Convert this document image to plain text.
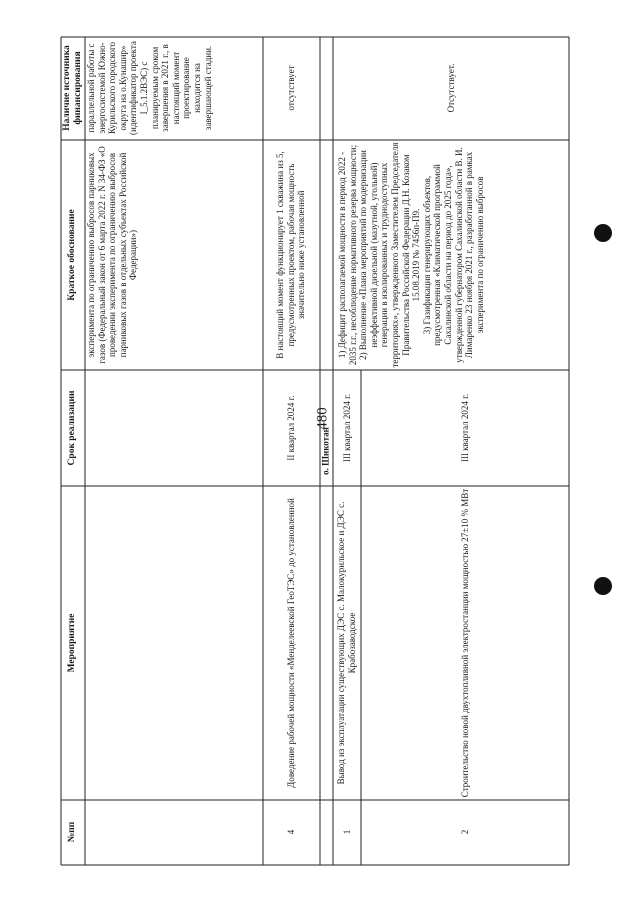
480
№пп
Мероприятие
Срок реализации
Краткое обоснование
Наличие источника финансирования
эксперимента по ограничению выбросов парниковых газов (Федеральный закон от 6 марта 2022 г. N 34-ФЗ «О проведении эксперимента по ограничению выбросов парниковых газов в отдельных субъектах Российской Федерации»)
параллельной работы с энергосистемой Южно-Курильского городского округа на о.Кунашир» (идентификатор проекта I_5.1.2ВЭС) с планируемым сроком завершения в 2021 г., в настоящий момент проектирование находится на завершающей стадии.
4
Доведение рабочей мощности «Менделеевской ГеоТЭС» до установленной
II квартал 2024 г.
В настоящий момент функционирует 1 скважина из 5, предусмотренных проектом, рабочая мощность значительно ниже установленной
отсутствует
о. Шикотан
1
Вывод из эксплуатации существующих ДЭС с. Малокурильское и ДЭС с. Крабозаводское
III квартал 2024 г.
2
Строительство новой двухтопливной электростанции мощностью 27±10 % МВт
III квартал 2024 г.
1) Дефицит располагаемой мощности в период 2022 - 2035 г.г., несоблюдение нормативного резерва мощности;
2) Выполнение «Плана мероприятий по модернизации неэффективной дизельной (мазутной, угольной) генерации в изолированных и труднодоступных территориях», утвержденного Заместителем Председателя Правительства Российской Федерации Д.Н. Козаком 15.08.2019 № 7456п-П9.
3) Газификация генерирующих объектов, предусмотренная «Климатической программой Сахалинской области на период до 2025 года», утвержденной губернатором Сахалинской области В. И. Лимаренко 23 ноября 2021 г., разработанной в рамках эксперимента по ограничению выбросов
Отсутствует.
